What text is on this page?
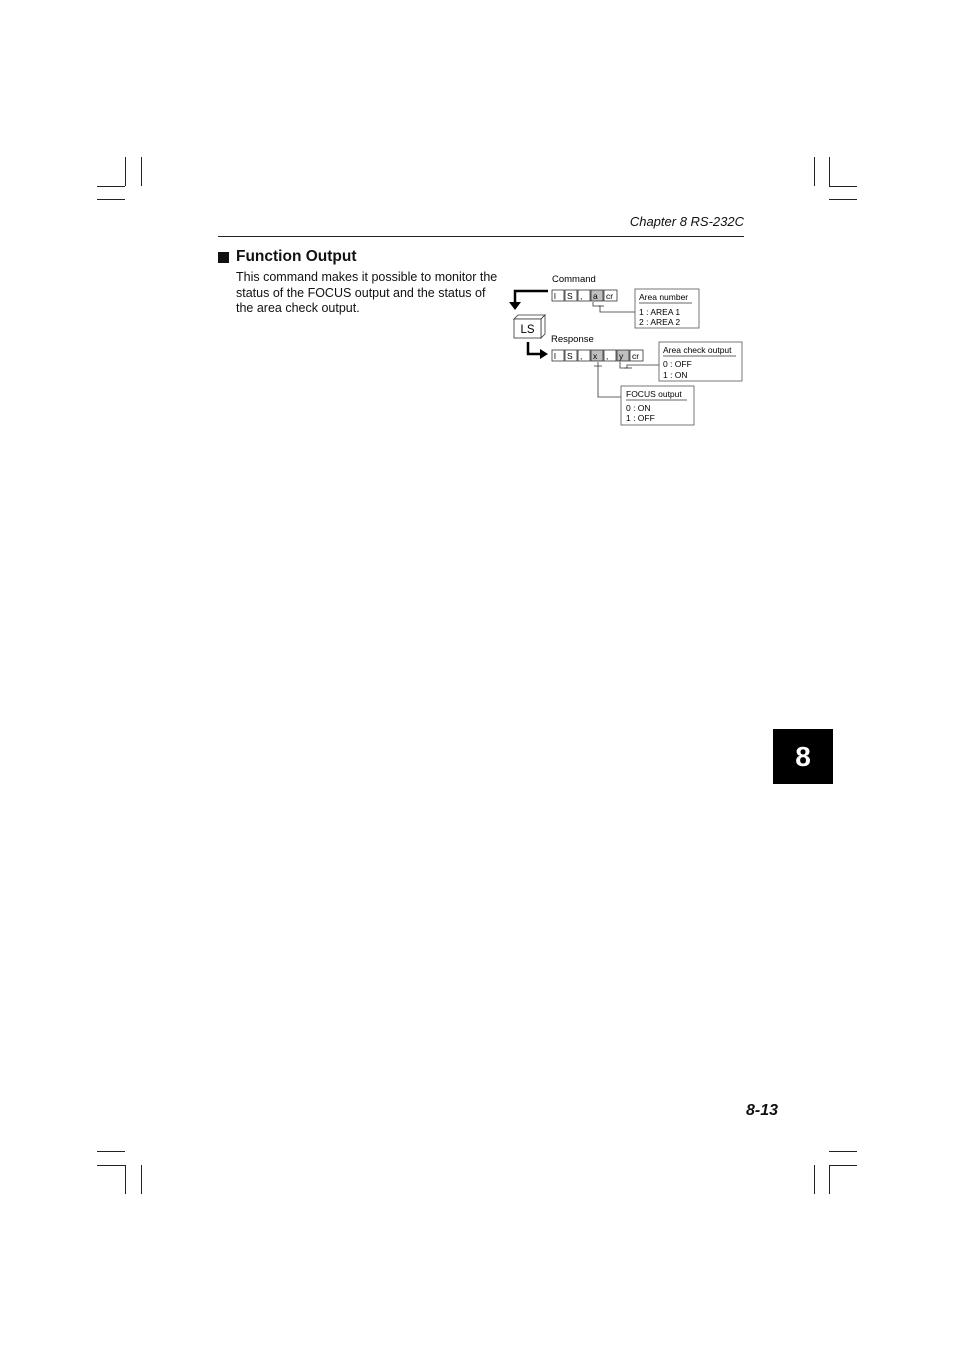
Chapter 8 RS-232C
Function Output
This command makes it possible to monitor the status of the FOCUS output and the status of the area check output.
Command
Response
LS
l S , a cr
l S , x , y cr
Area number
1 : AREA 1
2 : AREA 2
Area check output
0 : OFF
1 : ON
FOCUS output
0 : ON
1 : OFF
8
8-13
